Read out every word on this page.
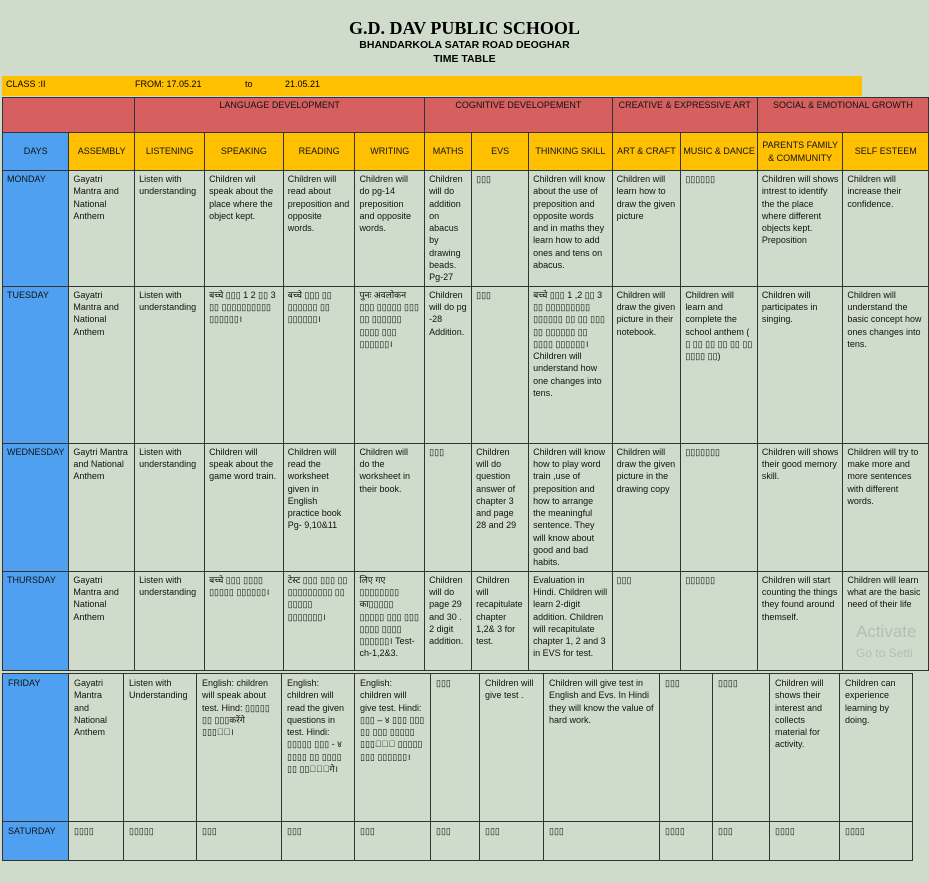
G.D. DAV PUBLIC SCHOOL
BHANDARKOLA SATAR ROAD DEOGHAR
TIME TABLE
CLASS :II	FROM: 17.05.21	to	21.05.21
		LANGUAGE DEVELOPMENT				COGNITIVE DEVELOPEMENT			CREATIVE & EXPRESSIVE ART		SOCIAL & EMOTIONAL GROWTH	
DAYS	ASSEMBLY	LISTENING	SPEAKING	READING	WRITING	MATHS	EVS	THINKING SKILL	ART & CRAFT	MUSIC & DANCE	PARENTS FAMILY & COMMUNITY	SELF ESTEEM
MONDAY	Gayatri Mantra and National Anthem	Listen with understanding	Children wil speak about the place where the object kept.	Children will read about preposition and opposite words.	Children will do pg-14 preposition and opposite words.	Children will do addition on abacus by drawing beads. Pg-27	▯▯▯	Children will know about the use of preposition and opposite words and in maths they learn how to add ones and tens on abacus.	Children will learn how to draw the given picture	▯▯▯▯▯▯	Children will shows intrest to identify the the place where different objects kept. Preposition	Children will increase their confidence.
TUESDAY	Gayatri Mantra and National Anthem	Listen with understanding	बच्चे ▯▯▯ 1 2 ▯▯ 3 ▯▯ ▯▯▯▯▯▯▯▯▯▯ ▯▯▯▯▯▯।	बच्चे ▯▯▯ ▯▯ ▯▯▯▯▯▯ ▯▯ ▯▯▯▯▯▯।	पुनः अवलोकन ▯▯▯ ▯▯▯▯▯ ▯▯▯ ▯▯ ▯▯▯▯▯▯ ▯▯▯▯ ▯▯▯ ▯▯▯▯▯▯।	Children will do pg -28 Addition.	▯▯▯	बच्चे ▯▯▯ 1 ,2 ▯▯ 3 ▯▯ ▯▯▯▯▯▯▯▯▯ ▯▯▯▯▯▯ ▯▯ ▯▯ ▯▯▯ ▯▯ ▯▯▯▯▯▯ ▯▯ ▯▯▯▯ ▯▯▯▯▯▯। Children will understand how one changes into tens.	Children will draw the given picture in their notebook.	Children will learn and complete the school anthem ( ▯ ▯▯ ▯▯ ▯▯ ▯▯ ▯▯ ▯▯▯▯ ▯▯)	Children will participates in singing.	Children will understand the basic concept how ones changes into tens.
WEDNESDAY	Gaytri Mantra and National Anthem	Listen with understanding	Children will speak about the game word train.	Children will read the worksheet given in English practice book Pg- 9,10&11	Children will do the worksheet in their book.	▯▯▯	Children will do question answer of chapter 3 and page 28 and 29	Children will know how to play word train ,use of preposition and how to arrange the meaningful sentence. They will know about good and bad habits.	Children will draw the given picture in the drawing copy	▯▯▯▯▯▯▯	Children will shows their good memory skill.	Children will try to make more and more sentences with different words.
THURSDAY	Gayatri Mantra and National Anthem	Listen with understanding	बच्चे ▯▯▯ ▯▯▯▯ ▯▯▯▯▯ ▯▯▯▯▯▯।	टेस्ट ▯▯▯ ▯▯▯ ▯▯ ▯▯▯▯▯▯▯▯▯ ▯▯ ▯▯▯▯▯ ▯▯▯▯▯▯▯।	लिए गए ▯▯▯▯▯▯▯▯ का▯▯▯▯▯ ▯▯▯▯▯ ▯▯▯ ▯▯▯ ▯▯▯▯ ▯▯▯▯ ▯▯▯▯▯▯। Test- ch-1,2&3.	Children will do page 29 and 30 . 2 digit addition.	Children will recapitulate chapter 1,2& 3 for test.	Evaluation in Hindi. Children will learn 2-digit addition. Children will recapitulate chapter 1, 2 and 3 in EVS for test.	▯▯▯	▯▯▯▯▯▯	Children will start counting the things they found around themself.	Children will learn what are the basic need of their life
Activate
Go to Setti
FRIDAY	Gayatri Mantra and National Anthem	Listen with Understanding	English: children will speak about test. Hind: ▯▯▯▯▯ ▯▯ ▯▯▯करेंगे ▯▯▯▯ै।	English: children will read the given questions in test. Hindi: ▯▯▯▯▯ ▯▯▯ - ४ ▯▯▯▯ ▯▯ ▯▯▯▯ ▯▯ ▯▯▯ेंगे।	English: children will give test. Hindi: ▯▯▯ – ४ ▯▯▯ ▯▯▯ ▯▯ ▯▯▯ ▯▯▯▯▯ ▯▯▯▯ेे ▯▯▯▯▯ ▯▯▯ ▯▯▯▯▯▯।	▯▯▯	Children will give test .	Children will give test in English and Evs. In Hindi they will know the value of hard work.	▯▯▯	▯▯▯▯	Children will shows their interest and collects material for activity.	Children can experience learning by doing.
SATURDAY	▯▯▯▯	▯▯▯▯▯	▯▯▯	▯▯▯	▯▯▯	▯▯▯	▯▯▯	▯▯▯	▯▯▯▯	▯▯▯	▯▯▯▯	▯▯▯▯
